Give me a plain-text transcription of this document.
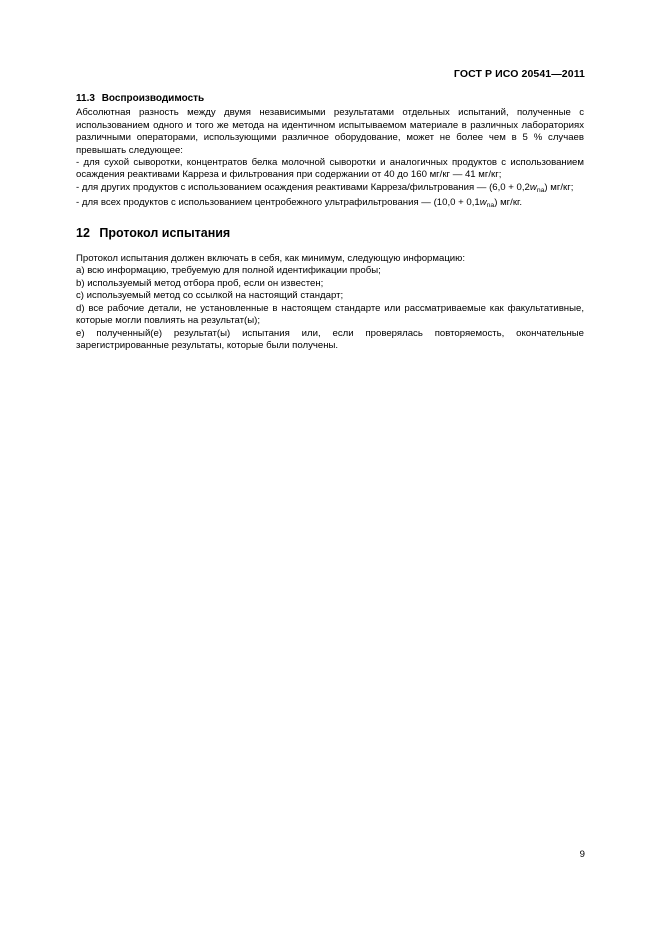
ГОСТ Р ИСО 20541—2011
11.3 Воспроизводимость

Абсолютная разность между двумя независимыми результатами отдельных испытаний, полученные с использованием одного и того же метода на идентичном испытываемом материале в различных лабораториях различными операторами, использующими различное оборудование, может не более чем в 5 % случаев превышать следующее:

- для сухой сыворотки, концентратов белка молочной сыворотки и аналогичных продуктов с использованием осаждения реактивами Карреза и фильтрования при содержании от 40 до 160 мг/кг — 41 мг/кг;

- для других продуктов с использованием осаждения реактивами Карреза/фильтрования — $(6,0 + 0,2w_{na})$ мг/кг;

- для всех продуктов с использованием центробежного ультрафильтрования — $(10,0 + 0,1w_{na})$ мг/кг.

12 Протокол испытания

Протокол испытания должен включать в себя, как минимум, следующую информацию:

a) всю информацию, требуемую для полной идентификации пробы;

b) используемый метод отбора проб, если он известен;

c) используемый метод со ссылкой на настоящий стандарт;

d) все рабочие детали, не установленные в настоящем стандарте или рассматриваемые как факультативные, которые могли повлиять на результат(ы);

e) полученный(е) результат(ы) испытания или, если проверялась повторяемость, окончательные зарегистрированные результаты, которые были получены.

9
